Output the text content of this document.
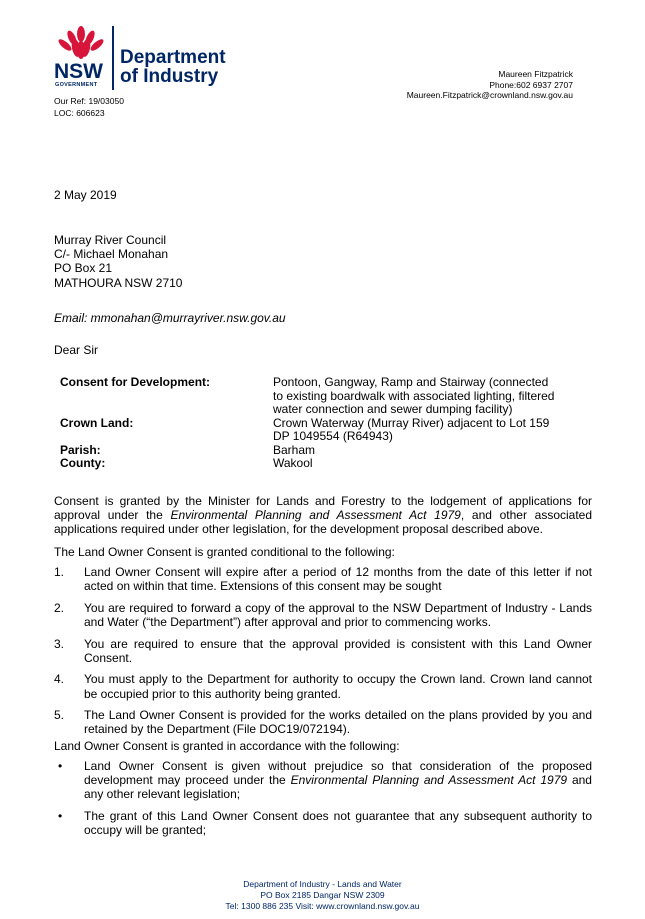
NSW
GOVERNMENT
Department
of Industry
Our Ref: 19/03050
LOC: 606623
Maureen Fitzpatrick
Phone:602 6937 2707
Maureen.Fitzpatrick@crownland.nsw.gov.au
2 May 2019
Murray River Council
C/- Michael Monahan
PO Box 21
MATHOURA NSW 2710
Email: mmonahan@murrayriver.nsw.gov.au
Dear Sir
Consent for Development:	Pontoon, Gangway, Ramp and Stairway (connected
to existing boardwalk with associated lighting, filtered
water connection and sewer dumping facility)
Crown Land:	Crown Waterway (Murray River) adjacent to Lot 159
DP 1049554 (R64943)
Parish:	Barham
County:	Wakool
Consent is granted by the Minister for Lands and Forestry to the lodgement of applications for approval under the Environmental Planning and Assessment Act 1979, and other associated applications required under other legislation, for the development proposal described above.
The Land Owner Consent is granted conditional to the following:
1.	Land Owner Consent will expire after a period of 12 months from the date of this letter if not acted on within that time. Extensions of this consent may be sought
2.	You are required to forward a copy of the approval to the NSW Department of Industry - Lands and Water (“the Department”) after approval and prior to commencing works.
3.	You are required to ensure that the approval provided is consistent with this Land Owner Consent.
4.	You must apply to the Department for authority to occupy the Crown land. Crown land cannot be occupied prior to this authority being granted.
5.	The Land Owner Consent is provided for the works detailed on the plans provided by you and retained by the Department (File DOC19/072194).
Land Owner Consent is granted in accordance with the following:
•	Land Owner Consent is given without prejudice so that consideration of the proposed development may proceed under the Environmental Planning and Assessment Act 1979 and any other relevant legislation;
•	The grant of this Land Owner Consent does not guarantee that any subsequent authority to occupy will be granted;
Department of Industry - Lands and Water
PO Box 2185 Dangar NSW 2309
Tel: 1300 886 235 Visit: www.crownland.nsw.gov.au
